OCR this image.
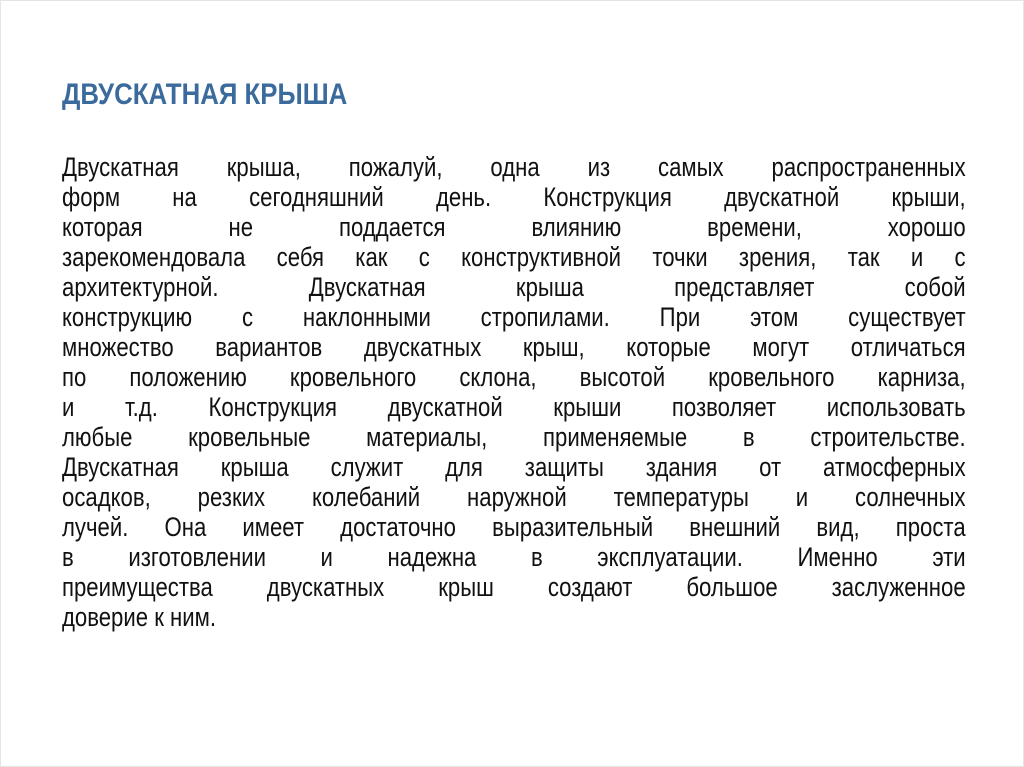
ДВУСКАТНАЯ КРЫША
Двускатная крыша, пожалуй, одна из самых распространенных
форм на сегодняшний день. Конструкция двускатной крыши,
которая не поддается влиянию времени, хорошо
зарекомендовала себя как с конструктивной точки зрения, так и с
архитектурной. Двускатная крыша представляет собой
конструкцию с наклонными стропилами. При этом существует
множество вариантов двускатных крыш, которые могут отличаться
по положению кровельного склона, высотой кровельного карниза,
и т.д. Конструкция двускатной крыши позволяет использовать
любые кровельные материалы, применяемые в строительстве.
Двускатная крыша служит для защиты здания от атмосферных
осадков, резких колебаний наружной температуры и солнечных
лучей. Она имеет достаточно выразительный внешний вид, проста
в изготовлении и надежна в эксплуатации. Именно эти
преимущества двускатных крыш создают большое заслуженное
доверие к ним.
